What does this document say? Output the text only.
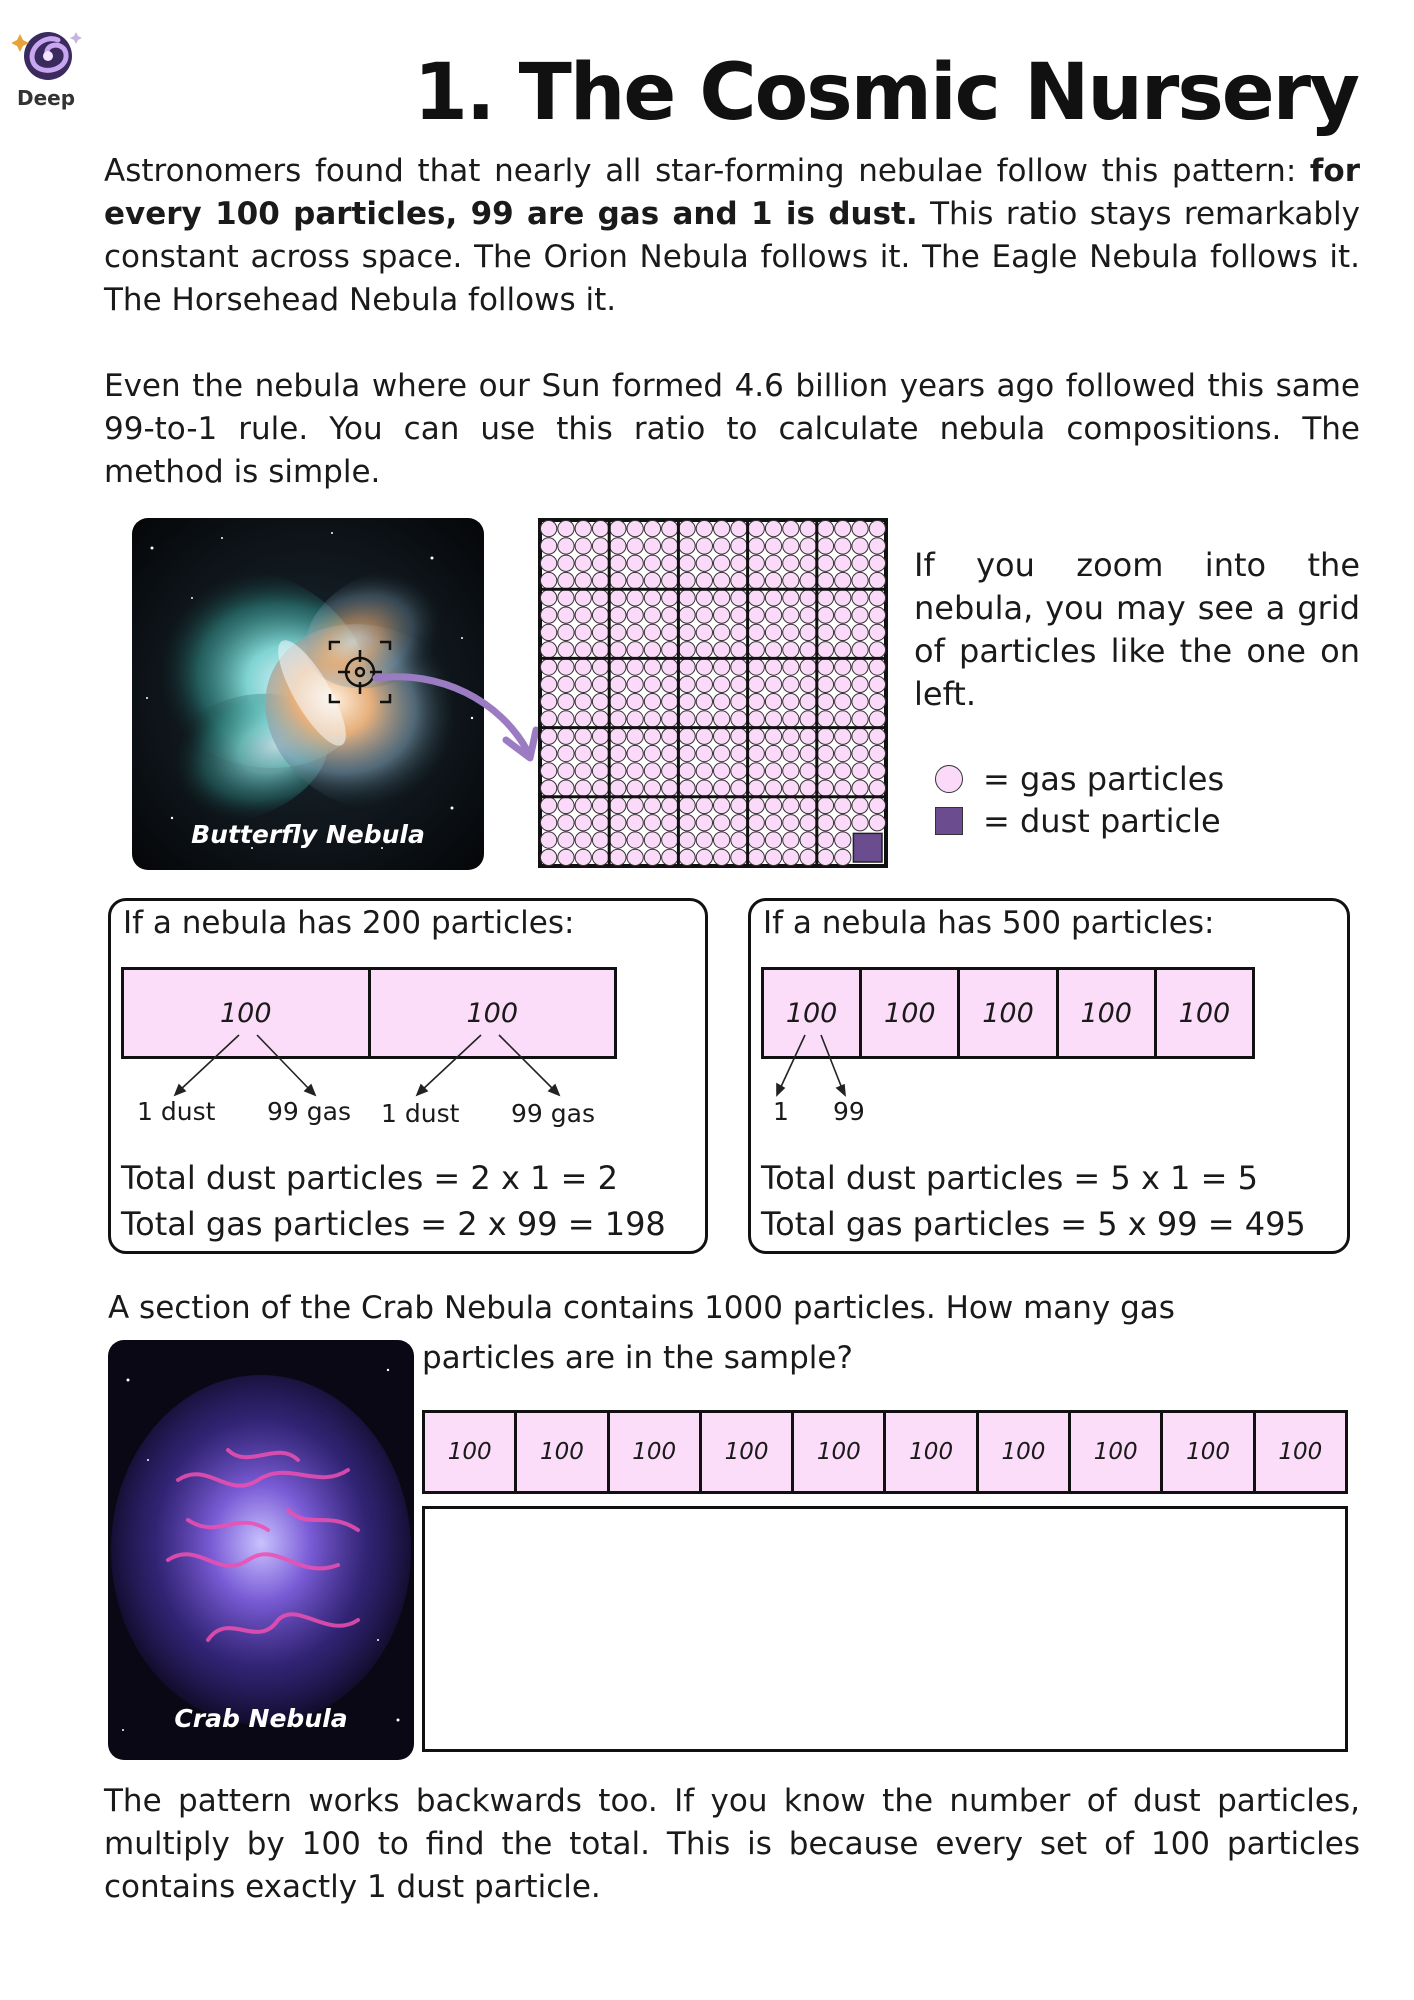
Deep	1. The Cosmic Nursery

Astronomers found that nearly all star-forming nebulae follow this pattern: for every 100 particles, 99 are gas and 1 is dust. This ratio stays remarkably constant across space. The Orion Nebula follows it. The Eagle Nebula follows it. The Horsehead Nebula follows it.

Even the nebula where our Sun formed 4.6 billion years ago followed this same 99-to-1 rule. You can use this ratio to calculate nebula compositions. The method is simple.

Butterfly Nebula

If you zoom into the nebula, you may see a grid of particles like the one on left.

= gas particles
= dust particle
If a nebula has 200 particles:
100	100
1 dust 99 gas 1 dust 99 gas
Total dust particles = 2 x 1 = 2
Total gas particles = 2 x 99 = 198
If a nebula has 500 particles:
100	100	100	100	100
1 99
Total dust particles = 5 x 1 = 5
Total gas particles = 5 x 99 = 495

A section of the Crab Nebula contains 1000 particles. How many gas

particles are in the sample?

Crab Nebula
100	100	100	100	100	100	100	100	100	100

The pattern works backwards too. If you know the number of dust particles, multiply by 100 to find the total. This is because every set of 100 particles contains exactly 1 dust particle.
